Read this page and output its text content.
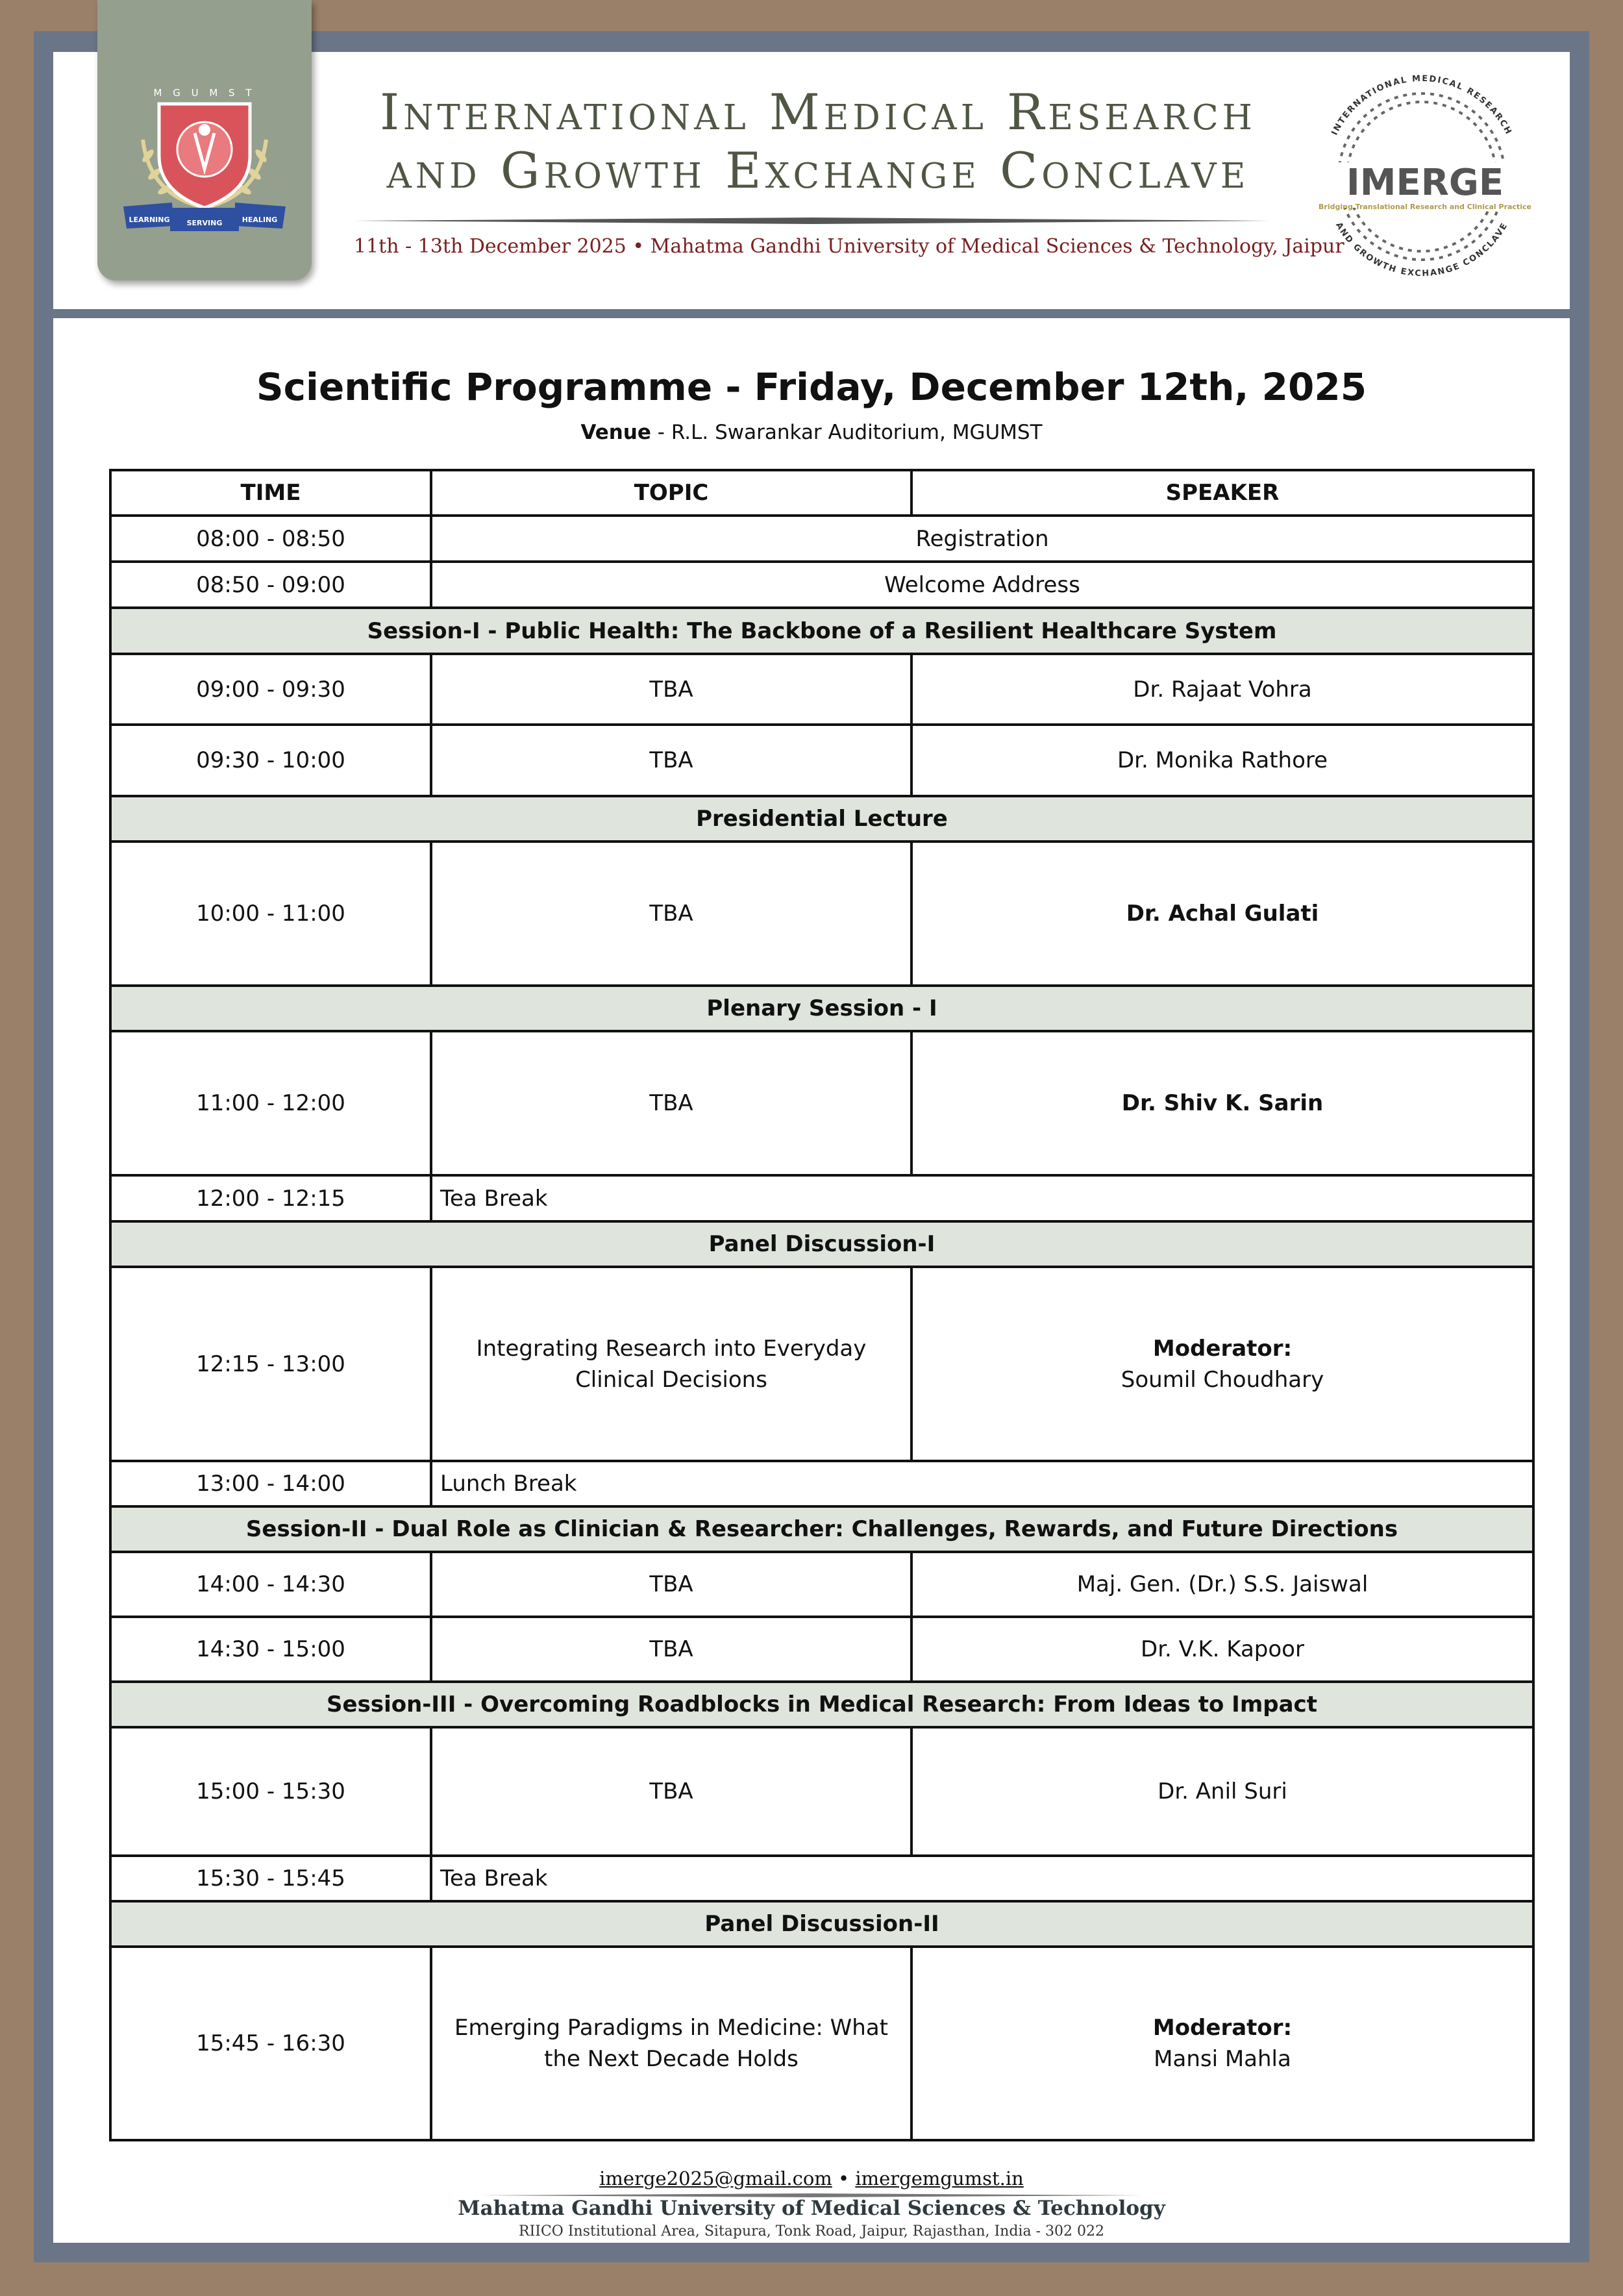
M G U M S T
LEARNING SERVING	HEALING
International Medical Research
and Growth Exchange Conclave
11th - 13th December 2025 • Mahatma Gandhi University of Medical Sciences & Technology, Jaipur
INTERNATIONAL MEDICAL RESEARCH
AND GROWTH EXCHANGE CONCLAVE
IMERGE
Bridging Translational Research and Clinical Practice
Scientific Programme - Friday, December 12th, 2025
Venue - R.L. Swarankar Auditorium, MGUMST
TIME	TOPIC	SPEAKER
08:00 - 08:50	Registration	
08:50 - 09:00	Welcome Address	
Session-I - Public Health: The Backbone of a Resilient Healthcare System		
09:00 - 09:30	TBA	Dr. Rajaat Vohra
09:30 - 10:00	TBA	Dr. Monika Rathore
Presidential Lecture		
10:00 - 11:00	TBA	Dr. Achal Gulati
Plenary Session - I		
11:00 - 12:00	TBA	Dr. Shiv K. Sarin
12:00 - 12:15	Tea Break	
Panel Discussion-I		
12:15 - 13:00	Integrating Research into Everyday Clinical Decisions	Moderator:
Soumil Choudhary

13:00 - 14:00	Lunch Break	
Session-II - Dual Role as Clinician & Researcher: Challenges, Rewards, and Future Directions		
14:00 - 14:30	TBA	Maj. Gen. (Dr.) S.S. Jaiswal
14:30 - 15:00	TBA	Dr. V.K. Kapoor
Session-III - Overcoming Roadblocks in Medical Research: From Ideas to Impact		
15:00 - 15:30	TBA	Dr. Anil Suri
15:30 - 15:45	Tea Break	
Panel Discussion-II		
15:45 - 16:30	Emerging Paradigms in Medicine: What the Next Decade Holds	Moderator:
Mansi Mahla
imerge2025@gmail.com • imergemgumst.in
Mahatma Gandhi University of Medical Sciences & Technology
RIICO Institutional Area, Sitapura, Tonk Road, Jaipur, Rajasthan, India - 302 022
